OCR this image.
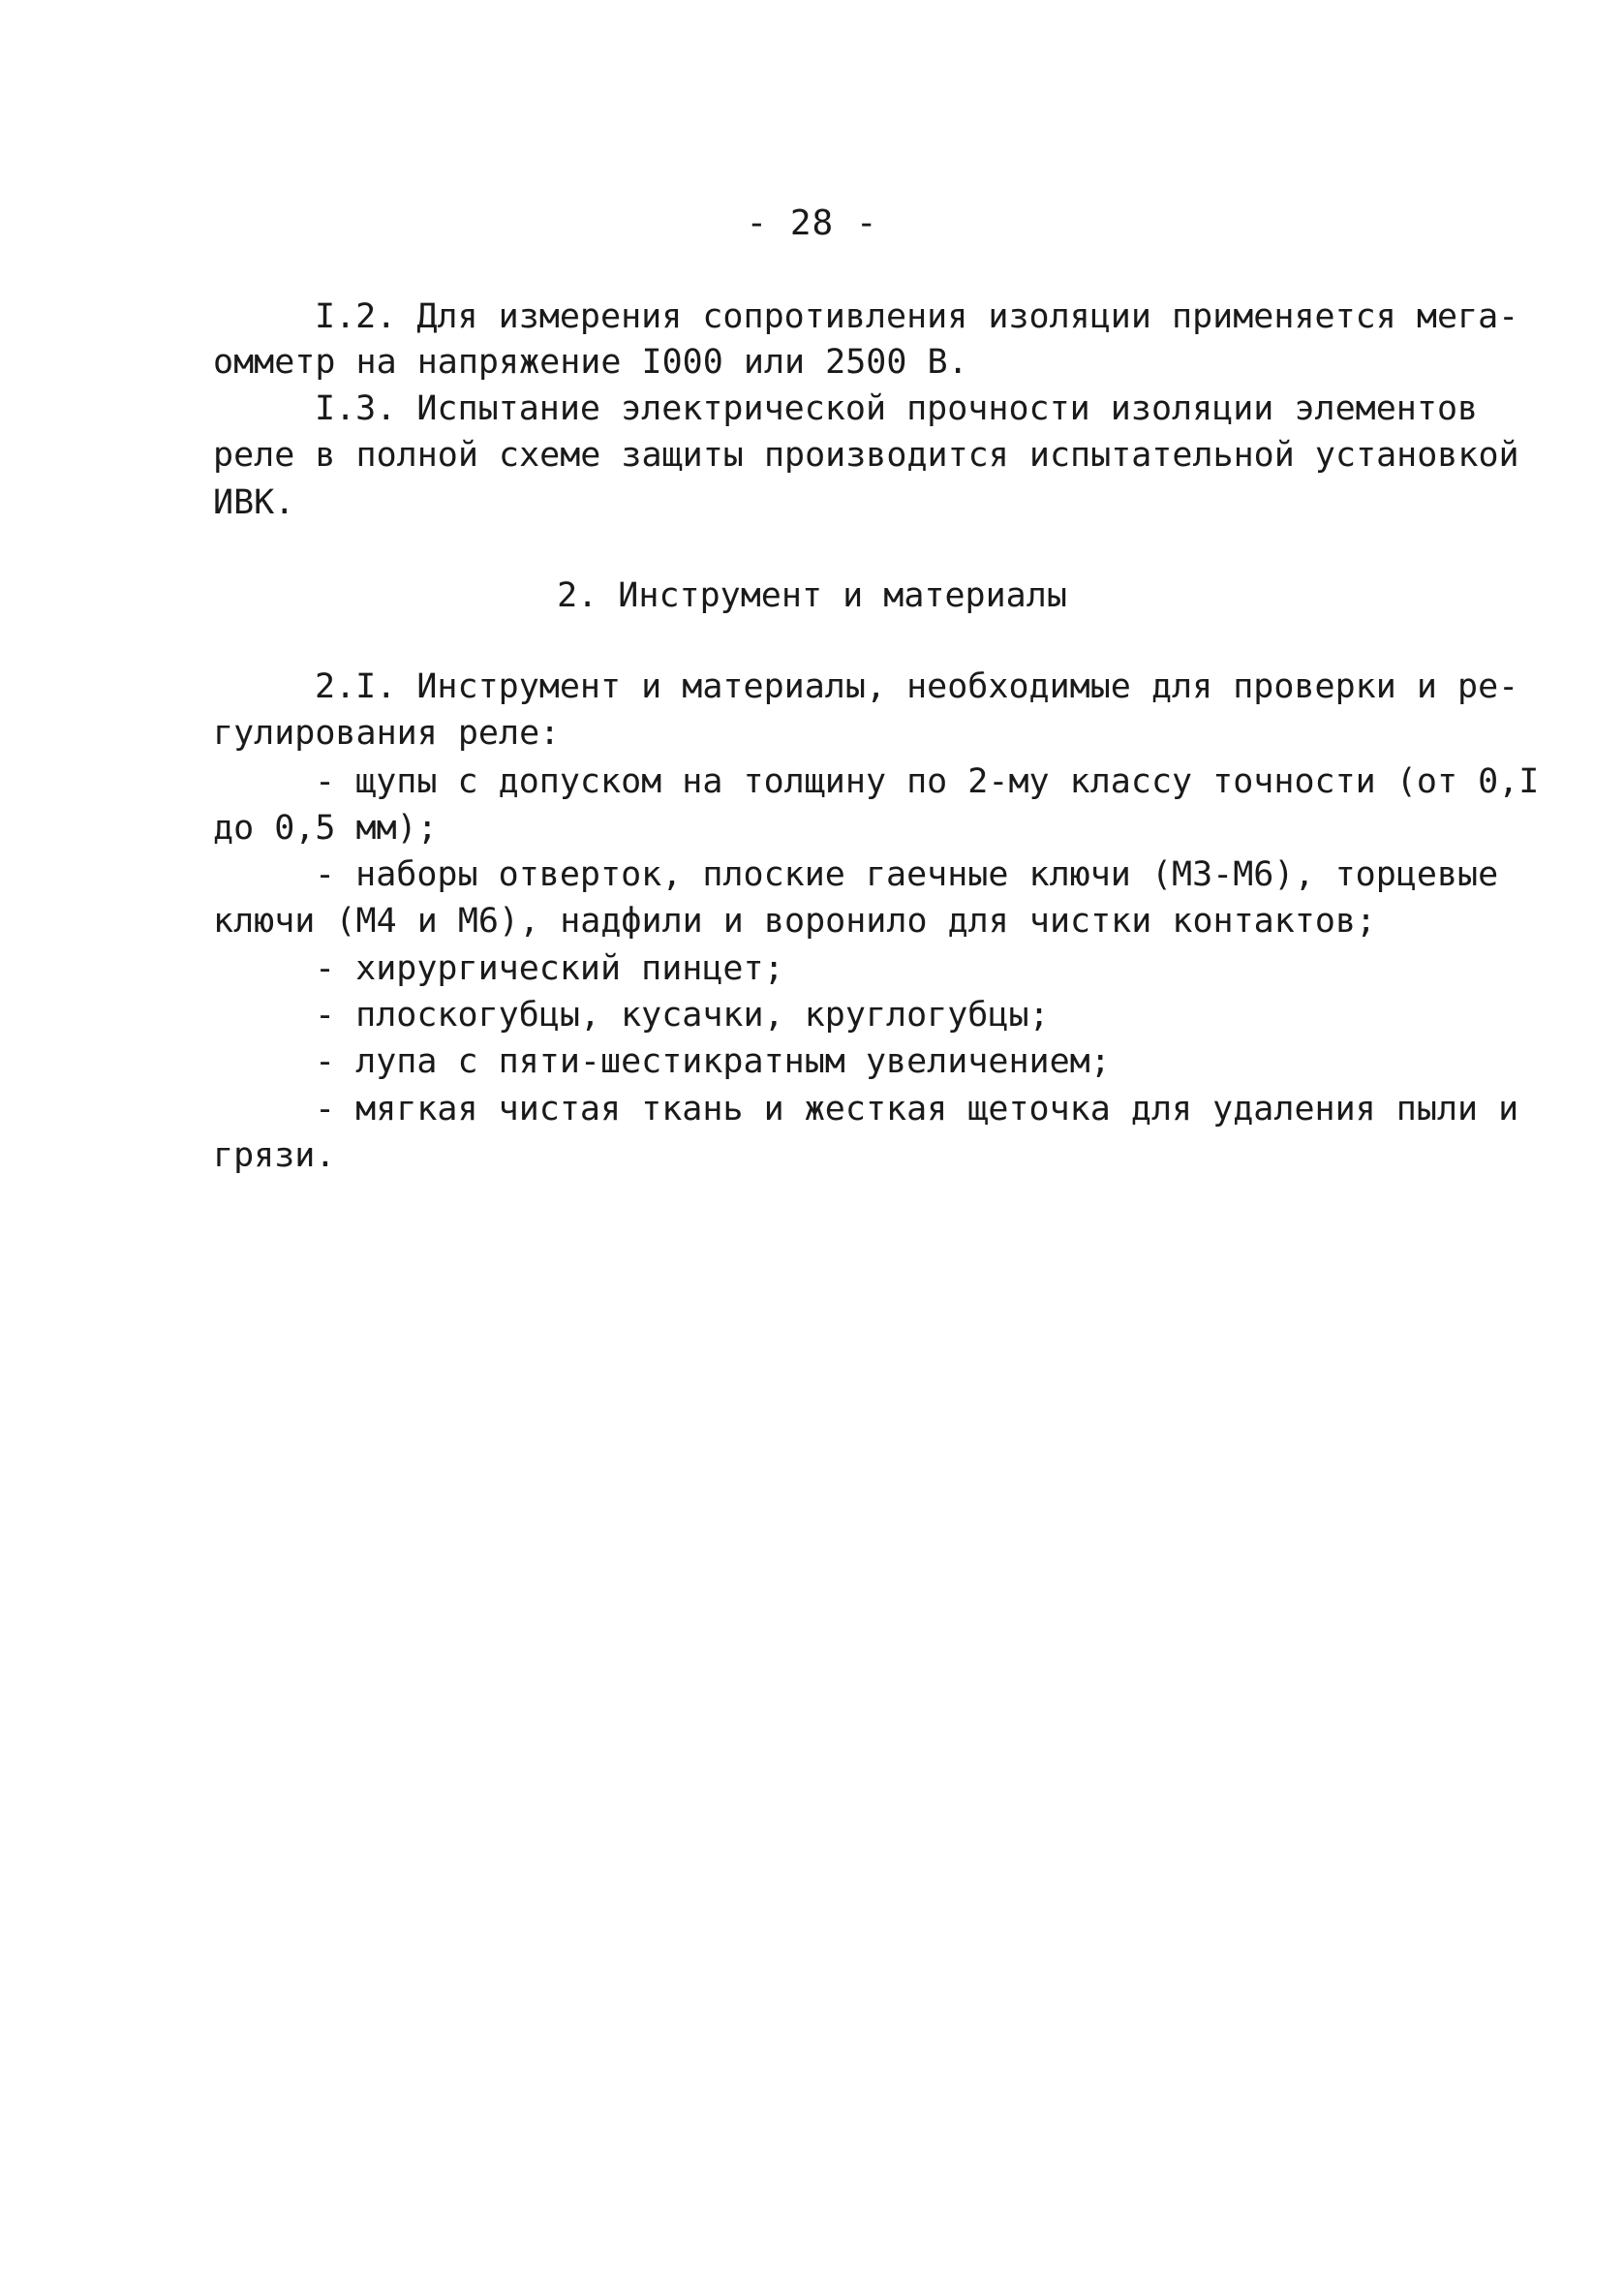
- 28 -
I.2. Для измерения сопротивления изоляции применяется мега-
омметр на напряжение I000 или 2500 В.
I.3. Испытание электрической прочности изоляции элементов
реле в полной схеме защиты производится испытательной установкой
ИВК.
2. Инструмент и материалы
2.I. Инструмент и материалы, необходимые для проверки и ре-
гулирования реле:
- щупы с допуском на толщину по 2-му классу точности (от 0,I
до 0,5 мм);
- наборы отверток, плоские гаечные ключи (М3-М6), торцевые
ключи (М4 и М6), надфили и воронило для чистки контактов;
- хирургический пинцет;
- плоскогубцы, кусачки, круглогубцы;
- лупа с пяти-шестикратным увеличением;
- мягкая чистая ткань и жесткая щеточка для удаления пыли и
грязи.
